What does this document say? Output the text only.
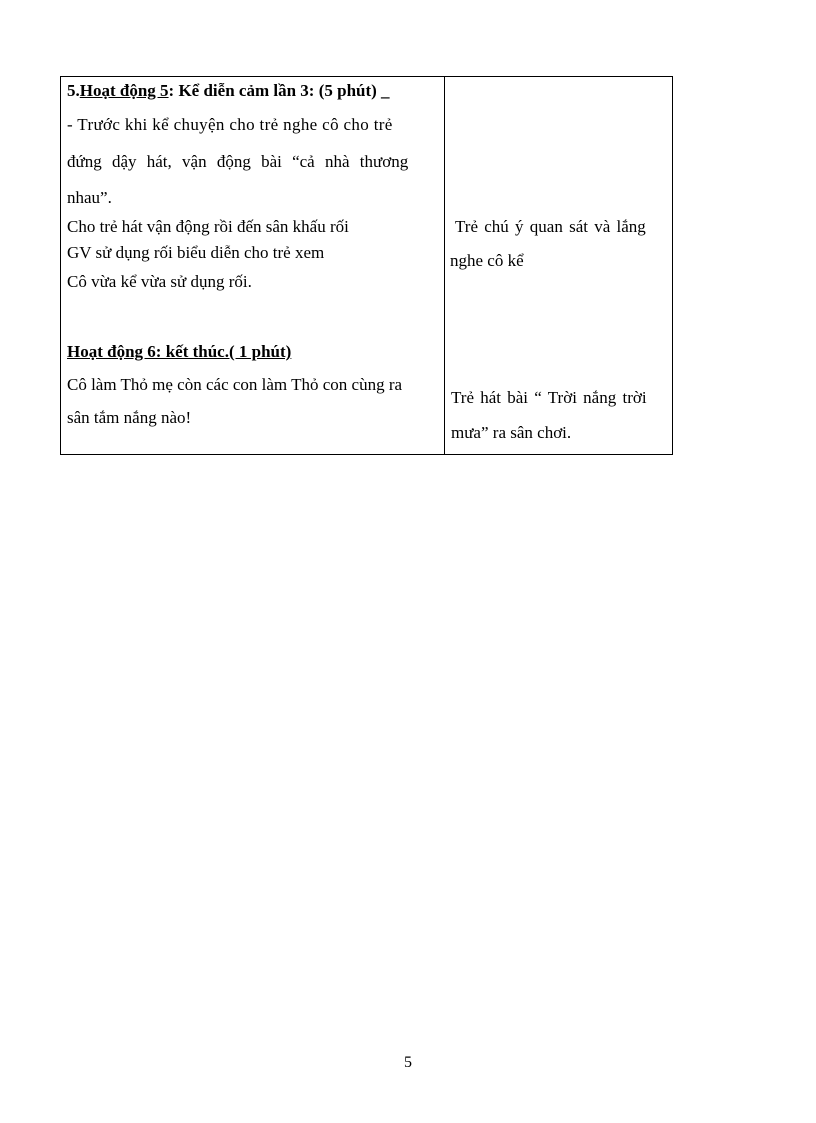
5.Hoạt động 5: Kể diễn cảm lần 3: (5 phút) _
- Trước khi kể chuyện cho trẻ nghe cô cho trẻ
đứng dậy hát, vận động bài “cả nhà thương
nhau”.
Cho trẻ hát vận động rồi đến sân khấu rối
GV sử dụng rối biểu diễn cho trẻ xem
Cô vừa kể vừa sử dụng rối.
Hoạt động 6: kết thúc.( 1 phút)
Cô làm Thỏ mẹ còn các con làm Thỏ con cùng ra
sân tắm nắng nào!
Trẻ chú ý quan sát và lắng
nghe cô kể
Trẻ hát bài “ Trời nắng trời
mưa” ra sân chơi.
5
